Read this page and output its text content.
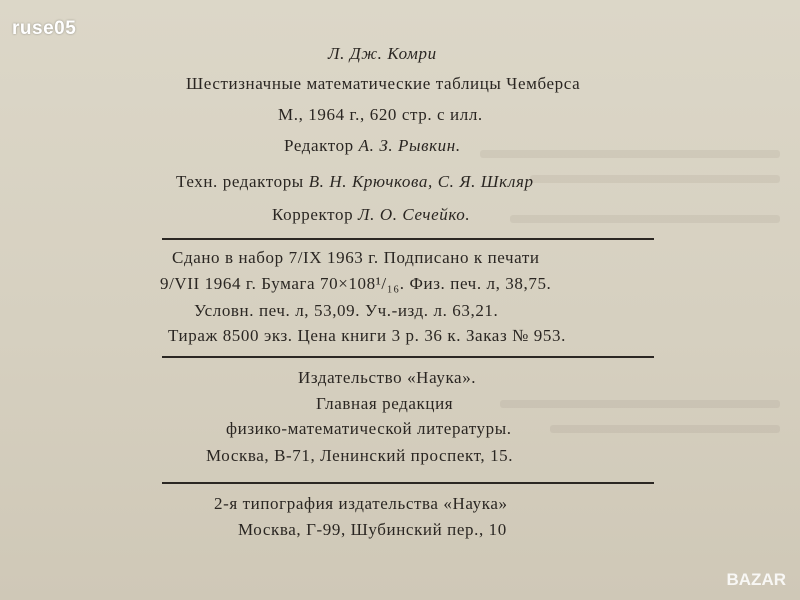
ruse05
BAZAR
Л. Дж. Комри
Шестизначные математические таблицы Чемберса
М., 1964 г., 620 стр. с илл.
Редактор А. З. Рывкин.
Техн. редакторы В. Н. Крючкова, С. Я. Шкляр
Корректор Л. О. Сечейко.
Сдано в набор 7/IX 1963 г. Подписано к печати
9/VII 1964 г. Бумага 70×108¹/₁₆. Физ. печ. л, 38,75.
Условн. печ. л, 53,09. Уч.-изд. л. 63,21.
Тираж 8500 экз. Цена книги 3 р. 36 к. Заказ № 953.
Издательство «Наука».
Главная редакция
физико-математической литературы.
Москва, В-71, Ленинский проспект, 15.
2-я типография издательства «Наука»
Москва, Г-99, Шубинский пер., 10
